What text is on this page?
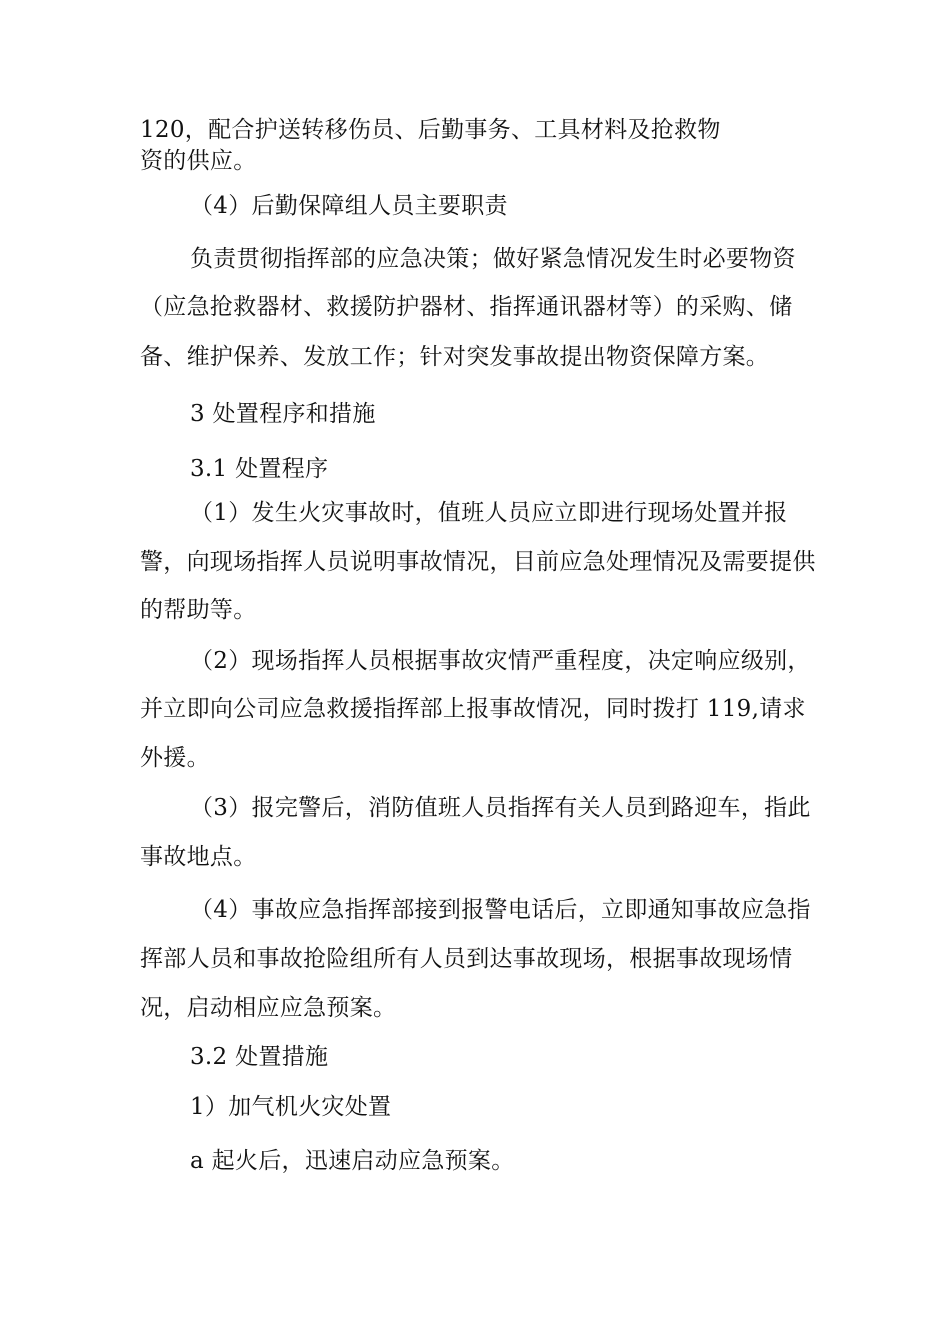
120，配合护送转移伤员、后勤事务、工具材料及抢救物
资的供应。
（4）后勤保障组人员主要职责
负责贯彻指挥部的应急决策；做好紧急情况发生时必要物资
（应急抢救器材、救援防护器材、指挥通讯器材等）的采购、储
备、维护保养、发放工作；针对突发事故提出物资保障方案。
3 处置程序和措施
3.1 处置程序
（1）发生火灾事故时，值班人员应立即进行现场处置并报
警，向现场指挥人员说明事故情况，目前应急处理情况及需要提供
的帮助等。
（2）现场指挥人员根据事故灾情严重程度，决定响应级别，
并立即向公司应急救援指挥部上报事故情况，同时拨打 119,请求
外援。
（3）报完警后，消防值班人员指挥有关人员到路迎车，指此
事故地点。
（4）事故应急指挥部接到报警电话后，立即通知事故应急指
挥部人员和事故抢险组所有人员到达事故现场，根据事故现场情
况，启动相应应急预案。
3.2 处置措施
1）加气机火灾处置
a 起火后，迅速启动应急预案。
